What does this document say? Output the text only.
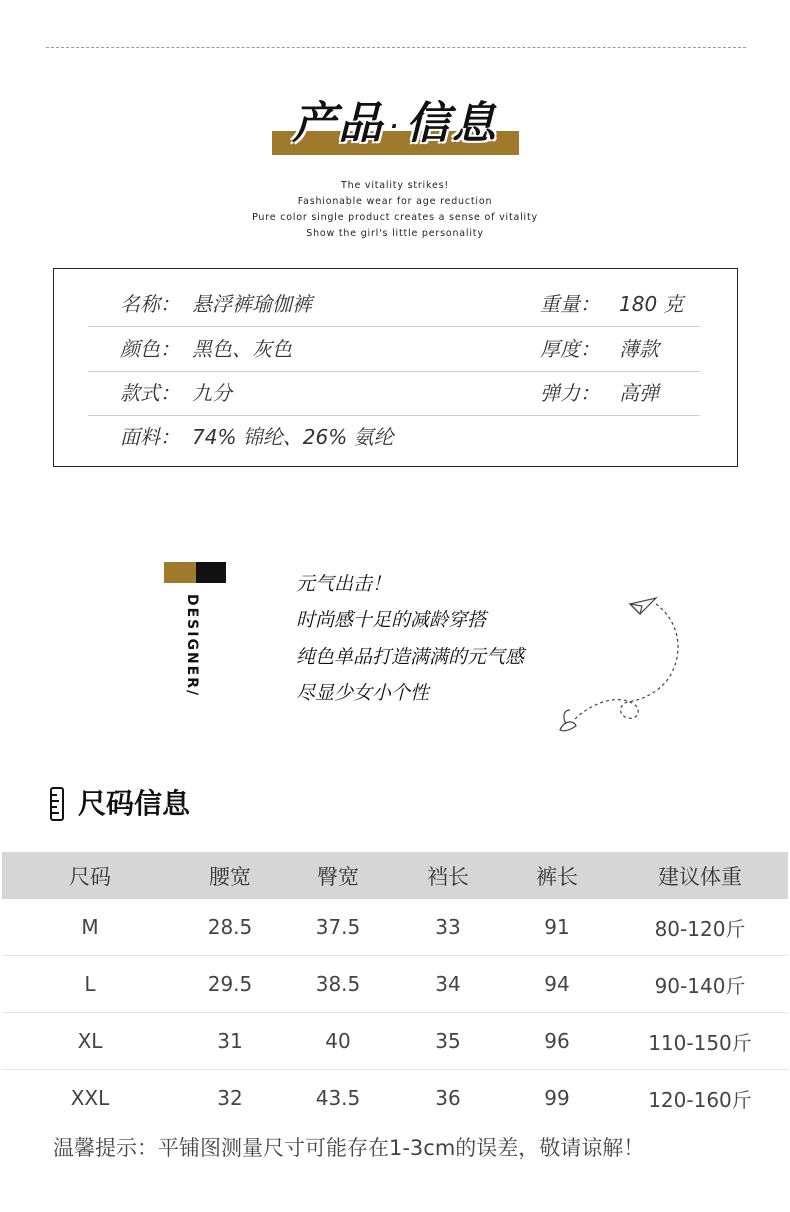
产品 · 信息
The vitality strikes!
Fashionable wear for age reduction
Pure color single product creates a sense of vitality
Show the girl's little personality
名称： 悬浮裤瑜伽裤	重量： 180 克
颜色： 黑色、灰色	厚度： 薄款
款式： 九分	弹力： 高弹
面料： 74% 锦纶、26% 氨纶
DESIGNER/
元气出击！
时尚感十足的减龄穿搭
纯色单品打造满满的元气感
尽显少女小个性
尺码信息
尺码	腰宽	臀宽	裆长	裤长	建议体重
M	28.5	37.5	33	91	80-120斤
L	29.5	38.5	34	94	90-140斤
XL	31	40	35	96	110-150斤
XXL	32	43.5	36	99	120-160斤
温馨提示：平铺图测量尺寸可能存在1-3cm的误差，敬请谅解！
